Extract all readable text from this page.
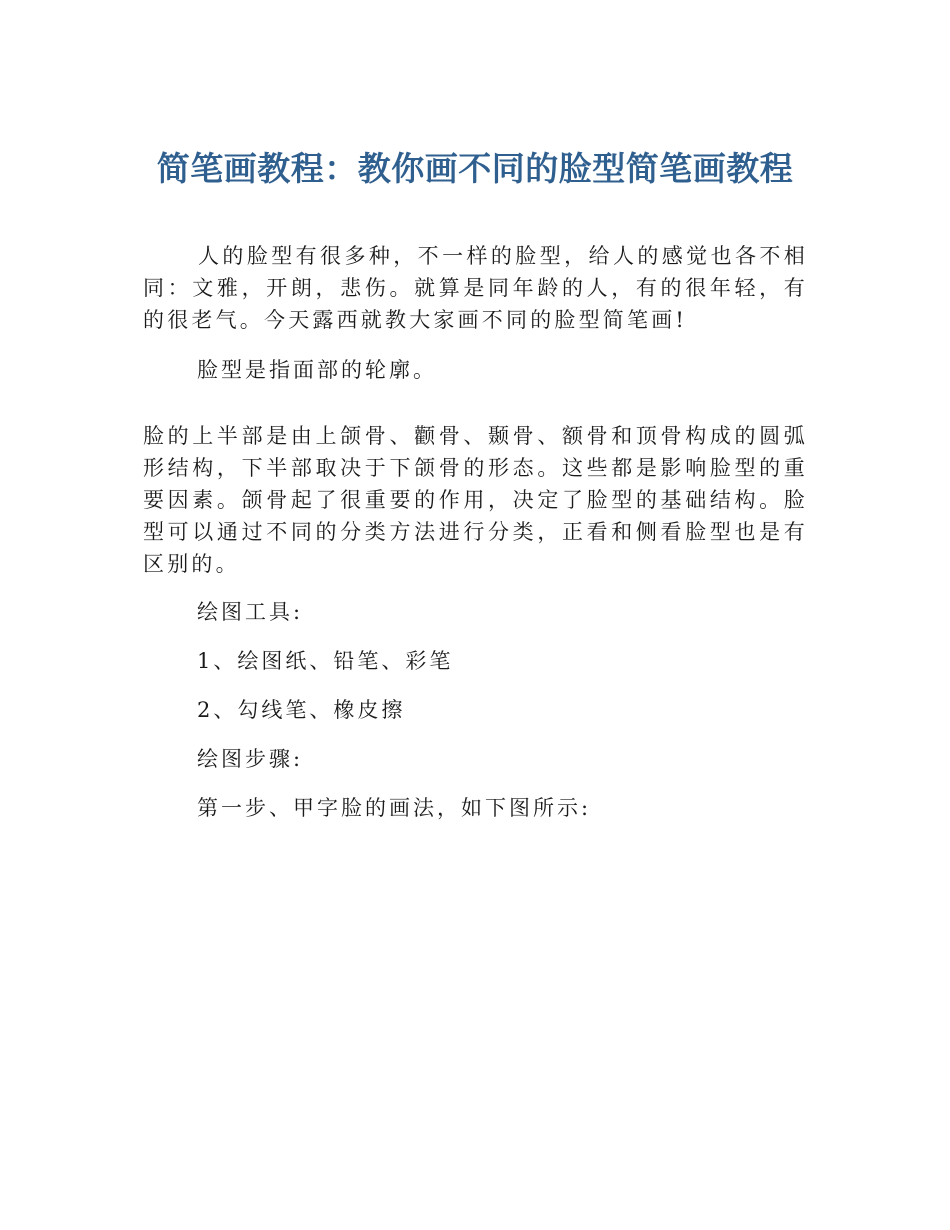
简笔画教程：教你画不同的脸型简笔画教程

人的脸型有很多种，不一样的脸型，给人的感觉也各不相同：文雅，开朗，悲伤。就算是同年龄的人，有的很年轻，有的很老气。今天露西就教大家画不同的脸型简笔画!

脸型是指面部的轮廓。

脸的上半部是由上颌骨、颧骨、颞骨、额骨和顶骨构成的圆弧形结构，下半部取决于下颌骨的形态。这些都是影响脸型的重要因素。颌骨起了很重要的作用，决定了脸型的基础结构。脸型可以通过不同的分类方法进行分类，正看和侧看脸型也是有区别的。

绘图工具:

1、绘图纸、铅笔、彩笔

2、勾线笔、橡皮擦

绘图步骤:

第一步、甲字脸的画法，如下图所示:
